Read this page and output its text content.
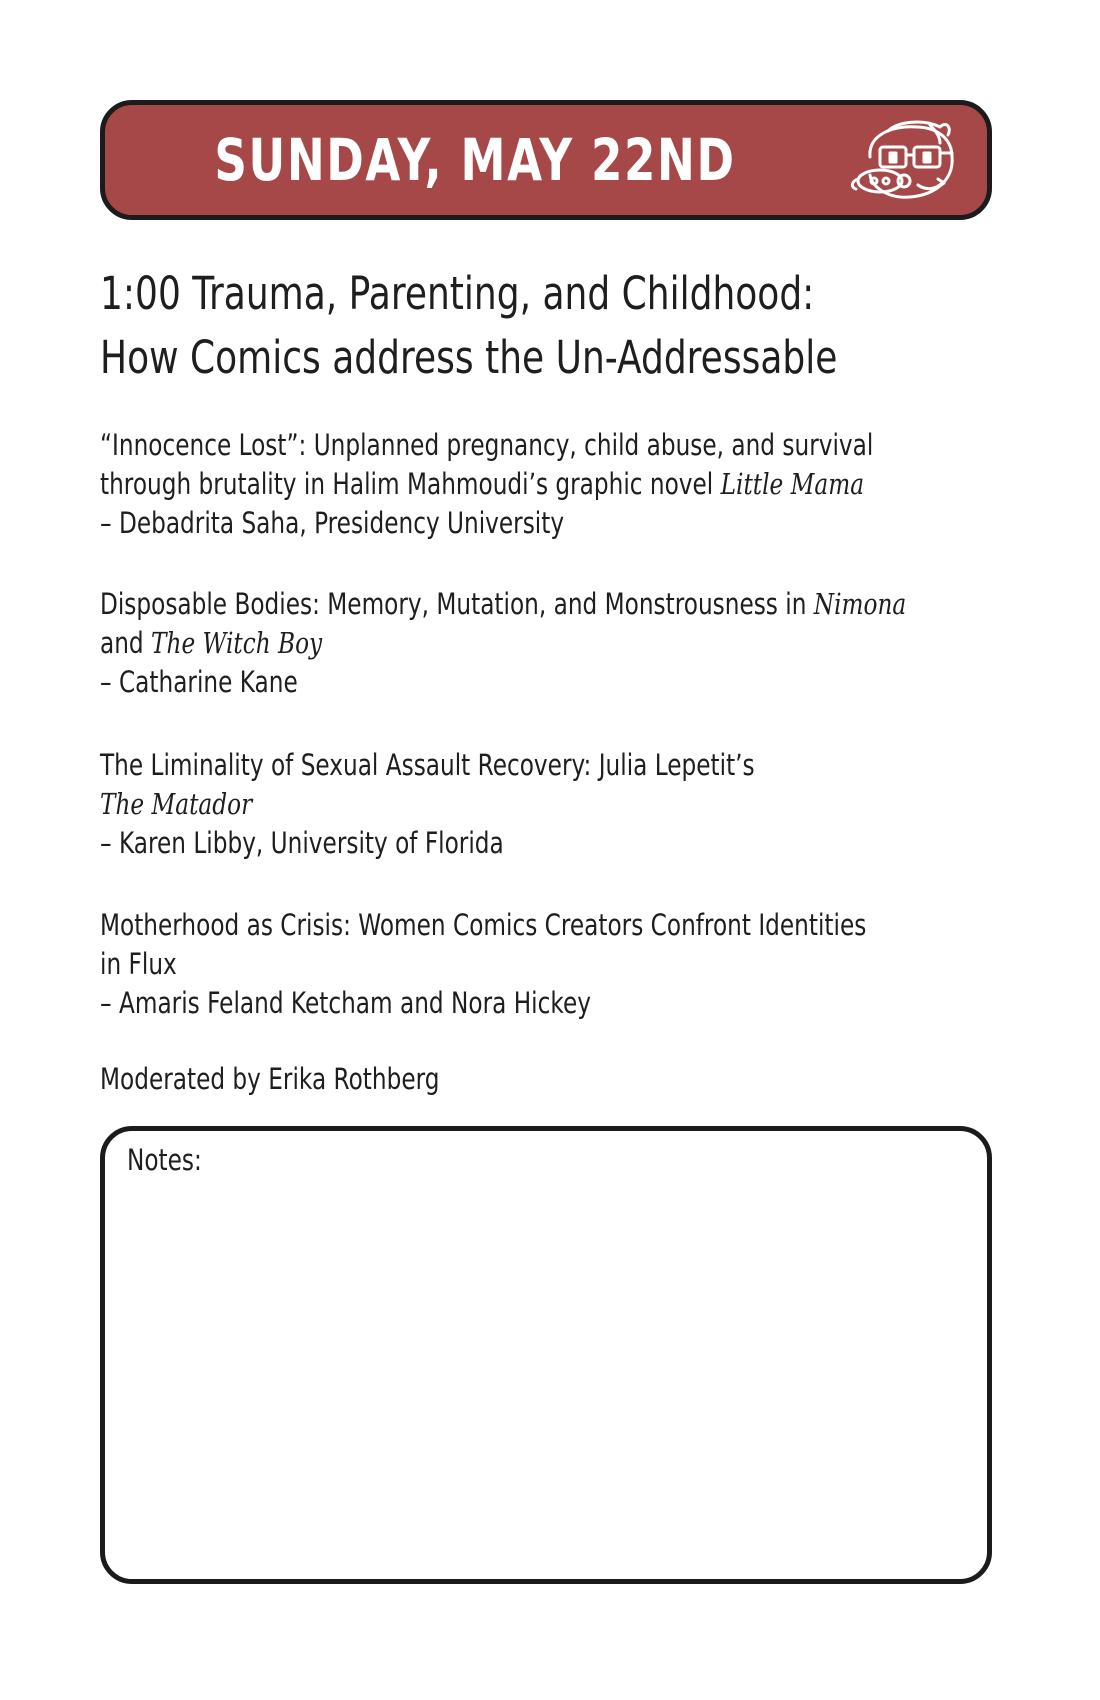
SUNDAY, MAY 22ND
1:00 Trauma, Parenting, and Childhood:
How Comics address the Un-Addressable
“Innocence Lost”: Unplanned pregnancy, child abuse, and survival
through brutality in Halim Mahmoudi’s graphic novel Little Mama
– Debadrita Saha, Presidency University
Disposable Bodies: Memory, Mutation, and Monstrousness in Nimona
and The Witch Boy
– Catharine Kane
The Liminality of Sexual Assault Recovery: Julia Lepetit’s
The Matador
– Karen Libby, University of Florida
Motherhood as Crisis: Women Comics Creators Confront Identities
in Flux
– Amaris Feland Ketcham and Nora Hickey
Moderated by Erika Rothberg
Notes:
